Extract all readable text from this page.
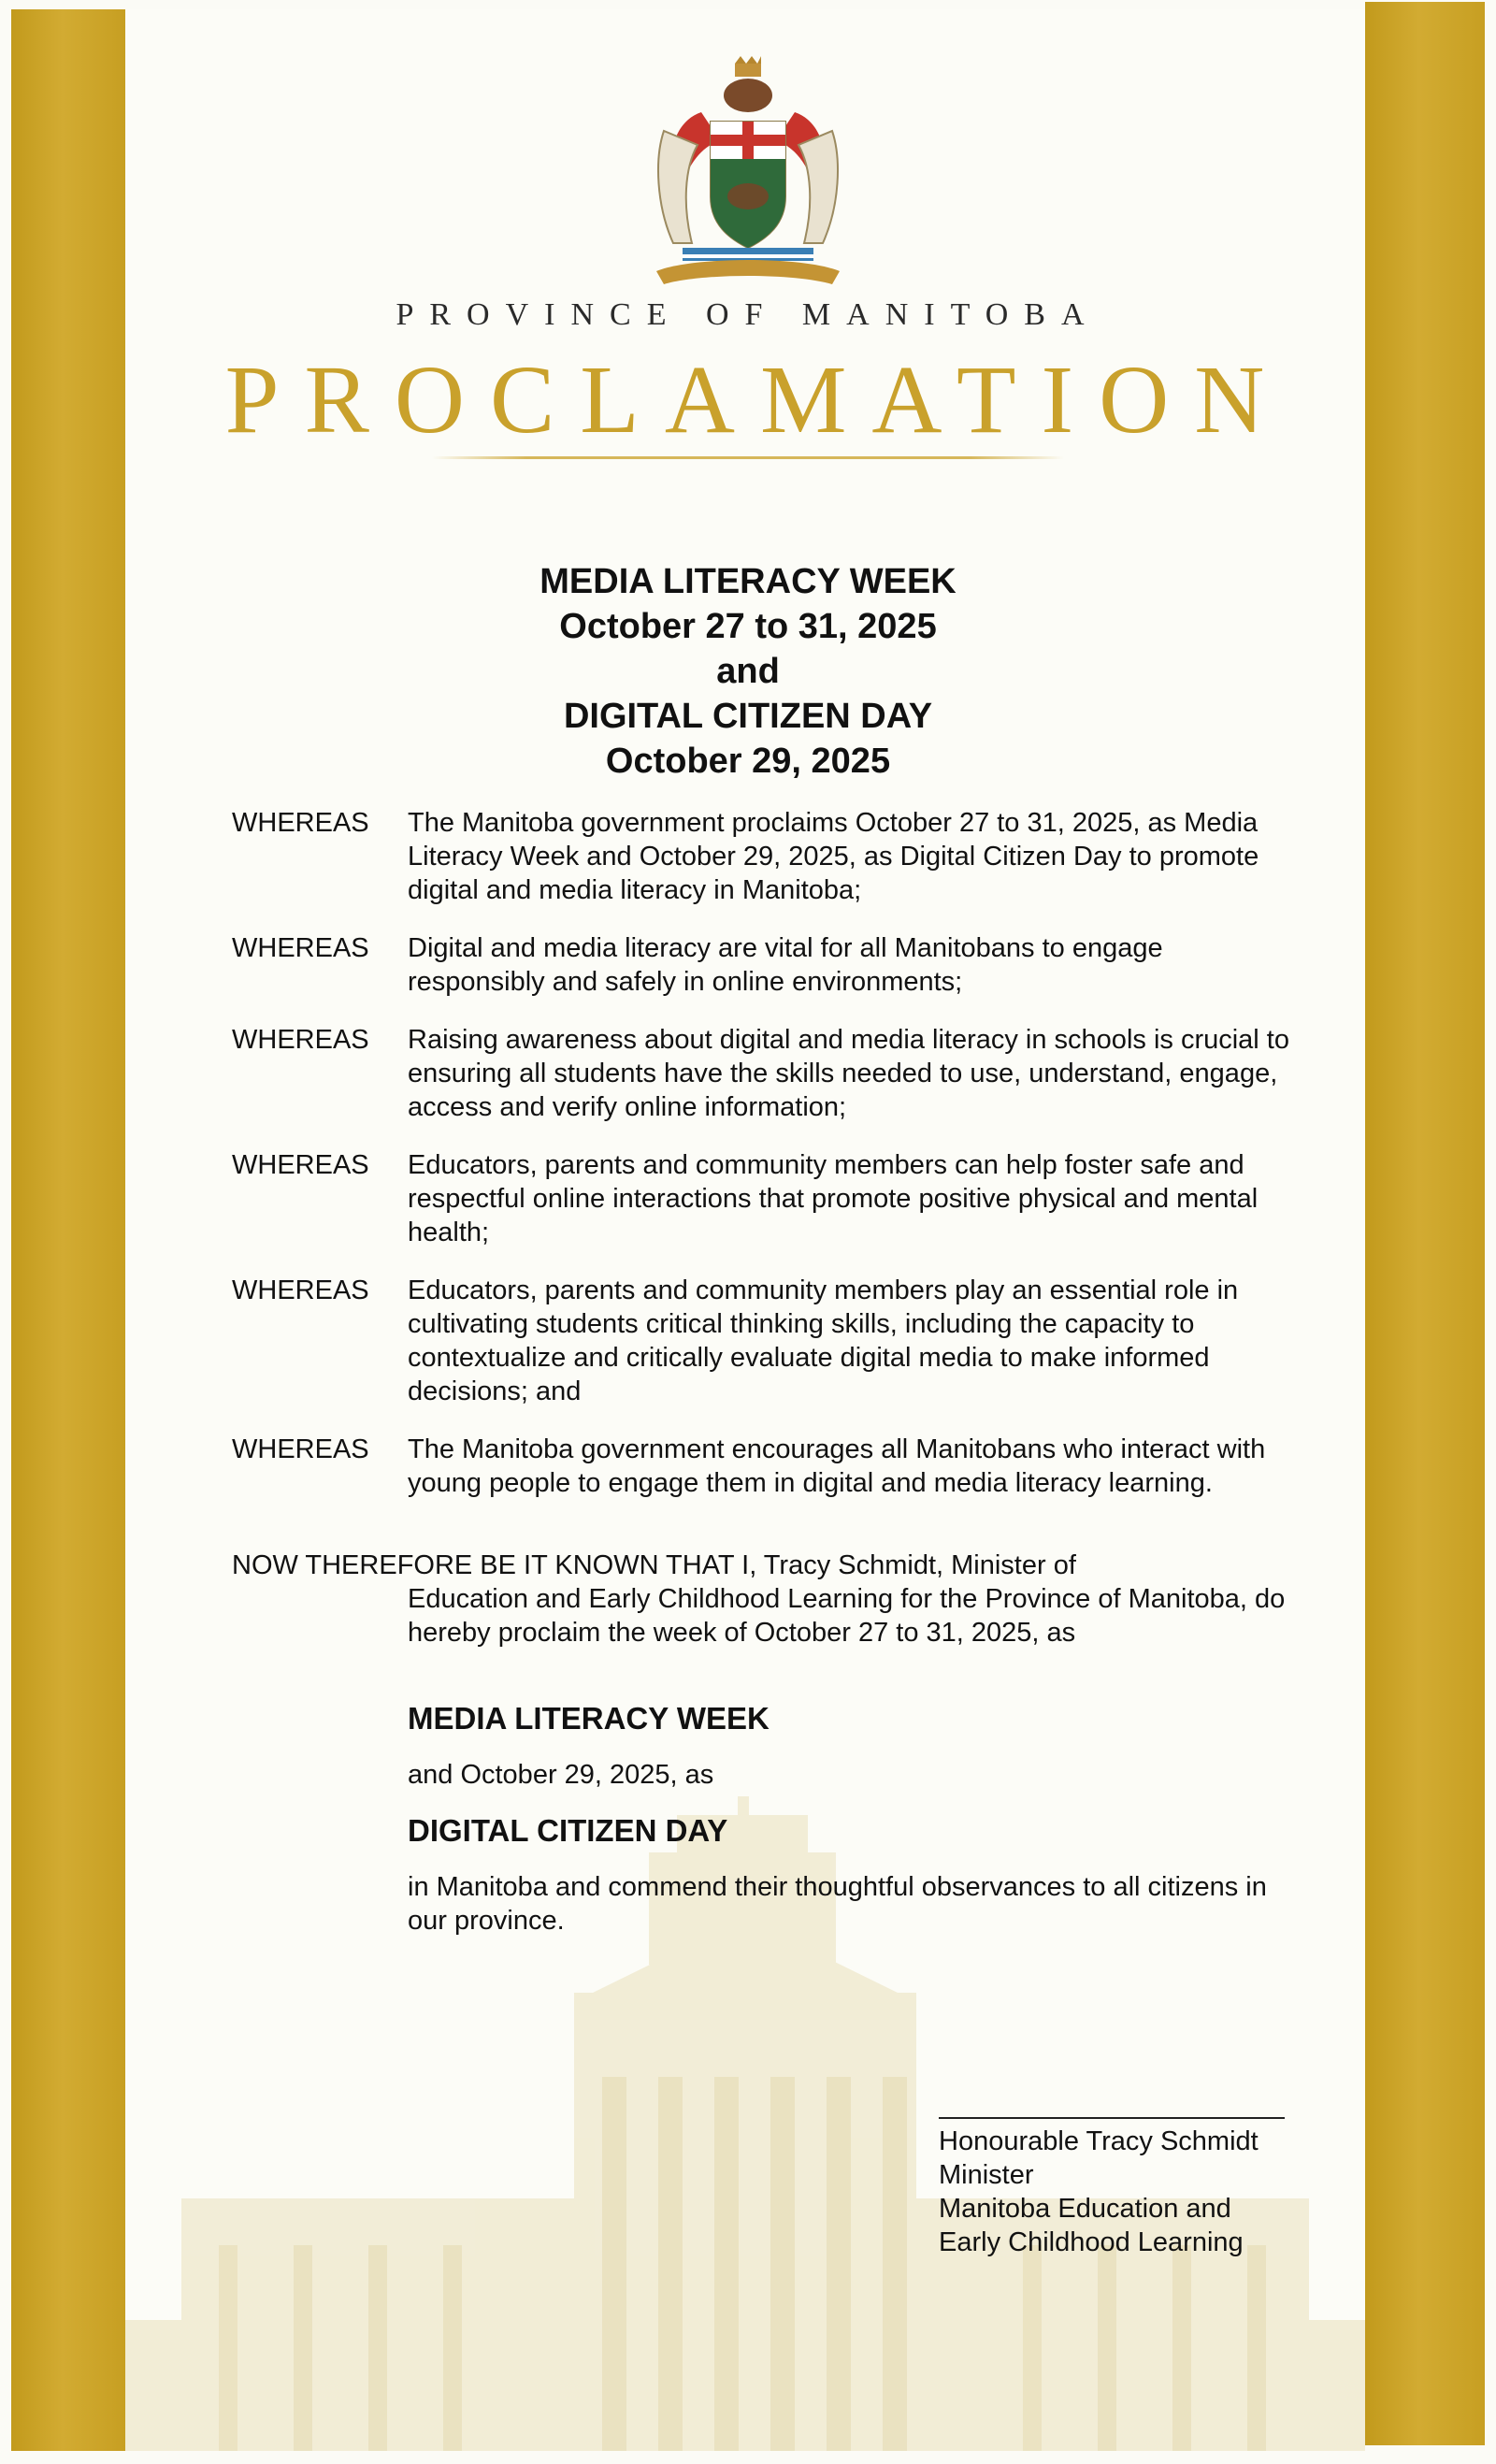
PROVINCE OF MANITOBA
PROCLAMATION
MEDIA LITERACY WEEK
October 27 to 31, 2025
and
DIGITAL CITIZEN DAY
October 29, 2025
WHEREAS	The Manitoba government proclaims October 27 to 31, 2025, as Media Literacy Week and October 29, 2025, as Digital Citizen Day to promote digital and media literacy in Manitoba;
WHEREAS	Digital and media literacy are vital for all Manitobans to engage responsibly and safely in online environments;
WHEREAS	Raising awareness about digital and media literacy in schools is crucial to ensuring all students have the skills needed to use, understand, engage, access and verify online information;
WHEREAS	Educators, parents and community members can help foster safe and respectful online interactions that promote positive physical and mental health;
WHEREAS	Educators, parents and community members play an essential role in cultivating students critical thinking skills, including the capacity to contextualize and critically evaluate digital media to make informed decisions; and
WHEREAS	The Manitoba government encourages all Manitobans who interact with young people to engage them in digital and media literacy learning.
NOW THEREFORE BE IT KNOWN THAT I, Tracy Schmidt, Minister of
Education and Early Childhood Learning for the Province of Manitoba, do hereby proclaim the week of October 27 to 31, 2025, as
MEDIA LITERACY WEEK
and October 29, 2025, as
DIGITAL CITIZEN DAY
in Manitoba and commend their thoughtful observances to all citizens in our province.
Honourable Tracy Schmidt
Minister
Manitoba Education and
Early Childhood Learning
